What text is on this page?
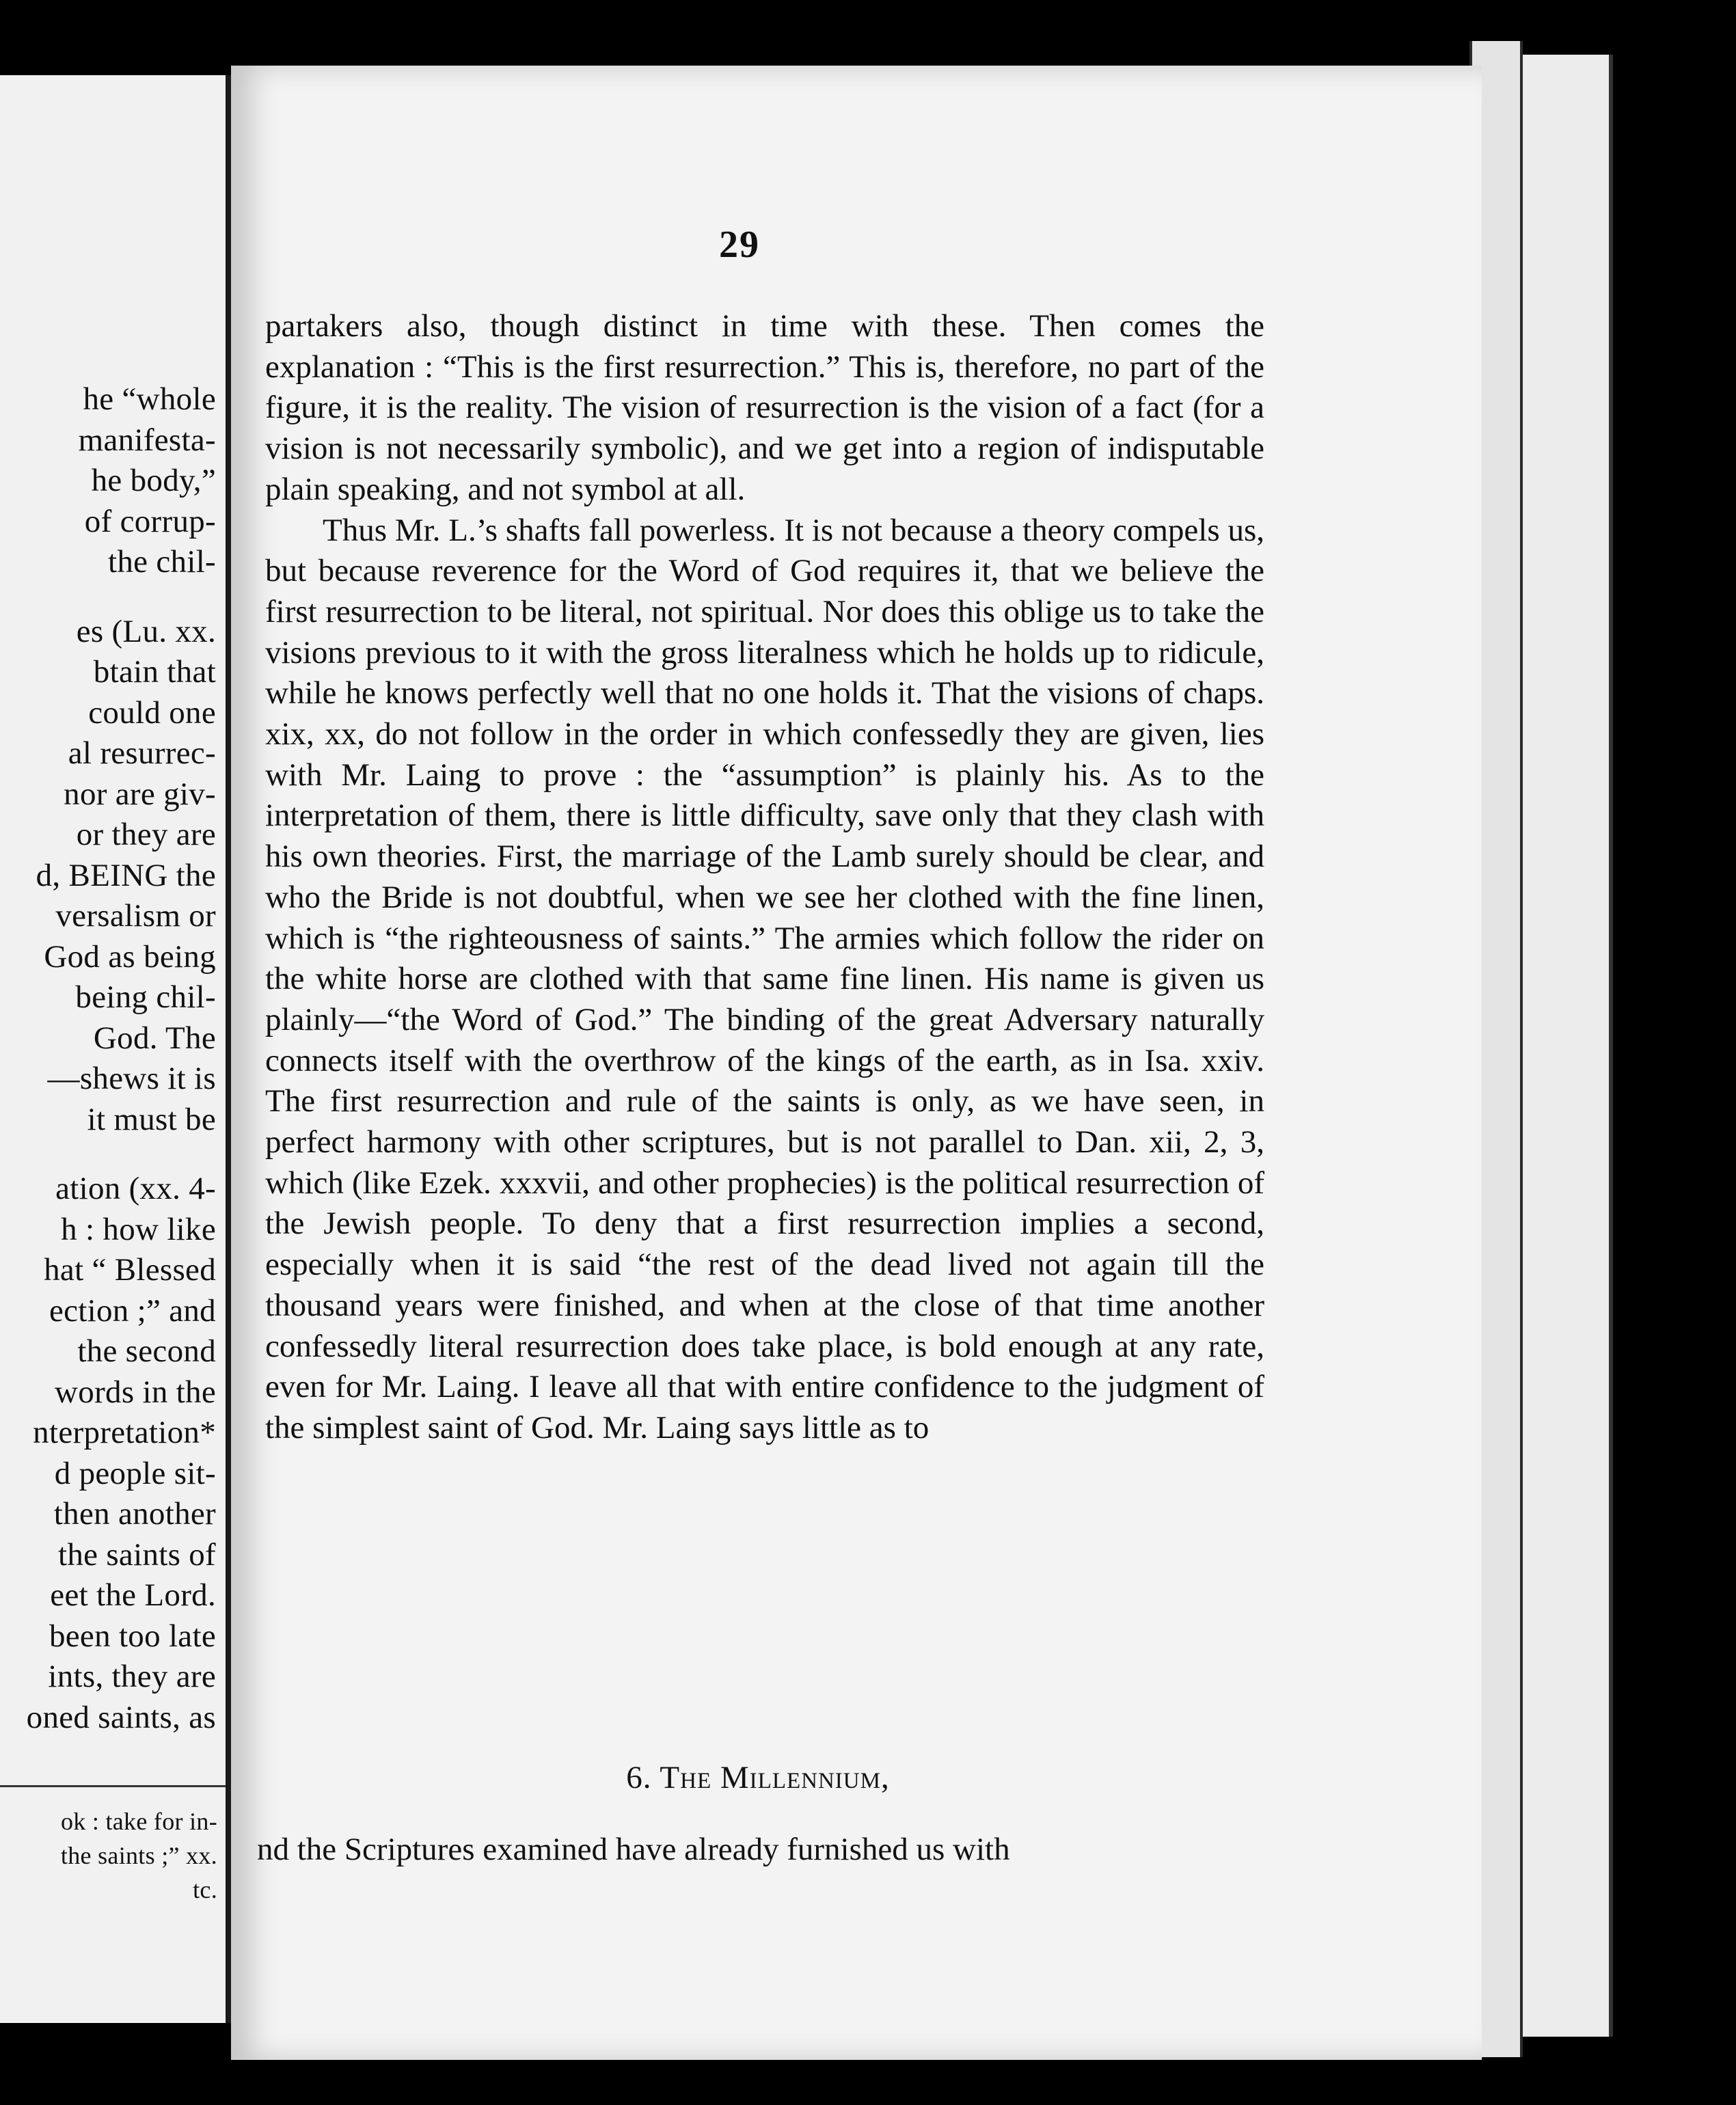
he “whole
manifesta-
he body,”
of corrup-
the chil-
es (Lu. xx.
btain that
could one
al resurrec-
nor are giv-
or they are
d, BEING the
versalism or
God as being
being chil-
God. The
—shews it is
it must be
ation (xx. 4-
h : how like
hat “ Blessed
ection ;” and
the second
words in the
nterpretation*
d people sit-
then another
the saints of
eet the Lord.
been too late
ints, they are
oned saints, as
ok : take for in-
the saints ;” xx.
tc.
29

partakers also, though distinct in time with these. Then comes the explanation : “This is the first resurrection.” This is, therefore, no part of the figure, it is the reality. The vision of resurrection is the vision of a fact (for a vision is not necessarily symbolic), and we get into a region of indisputable plain speaking, and not symbol at all.

Thus Mr. L.’s shafts fall powerless. It is not because a theory compels us, but because reverence for the Word of God requires it, that we believe the first resurrection to be literal, not spiritual. Nor does this oblige us to take the visions previous to it with the gross literalness which he holds up to ridicule, while he knows perfectly well that no one holds it. That the visions of chaps. xix, xx, do not follow in the order in which confessedly they are given, lies with Mr. Laing to prove : the “assumption” is plainly his. As to the interpretation of them, there is little difficulty, save only that they clash with his own theories. First, the marriage of the Lamb surely should be clear, and who the Bride is not doubtful, when we see her clothed with the fine linen, which is “the righteousness of saints.” The armies which follow the rider on the white horse are clothed with that same fine linen. His name is given us plainly—“the Word of God.” The binding of the great Adversary naturally connects itself with the overthrow of the kings of the earth, as in Isa. xxiv. The first resurrection and rule of the saints is only, as we have seen, in perfect harmony with other scriptures, but is not parallel to Dan. xii, 2, 3, which (like Ezek. xxxvii, and other prophecies) is the political resurrection of the Jewish people. To deny that a first resurrection implies a second, especially when it is said “the rest of the dead lived not again till the thousand years were finished, and when at the close of that time another confessedly literal resurrection does take place, is bold enough at any rate, even for Mr. Laing. I leave all that with entire confidence to the judgment of the simplest saint of God. Mr. Laing says little as to

6. The Millennium,
nd the Scriptures examined have already furnished us with
